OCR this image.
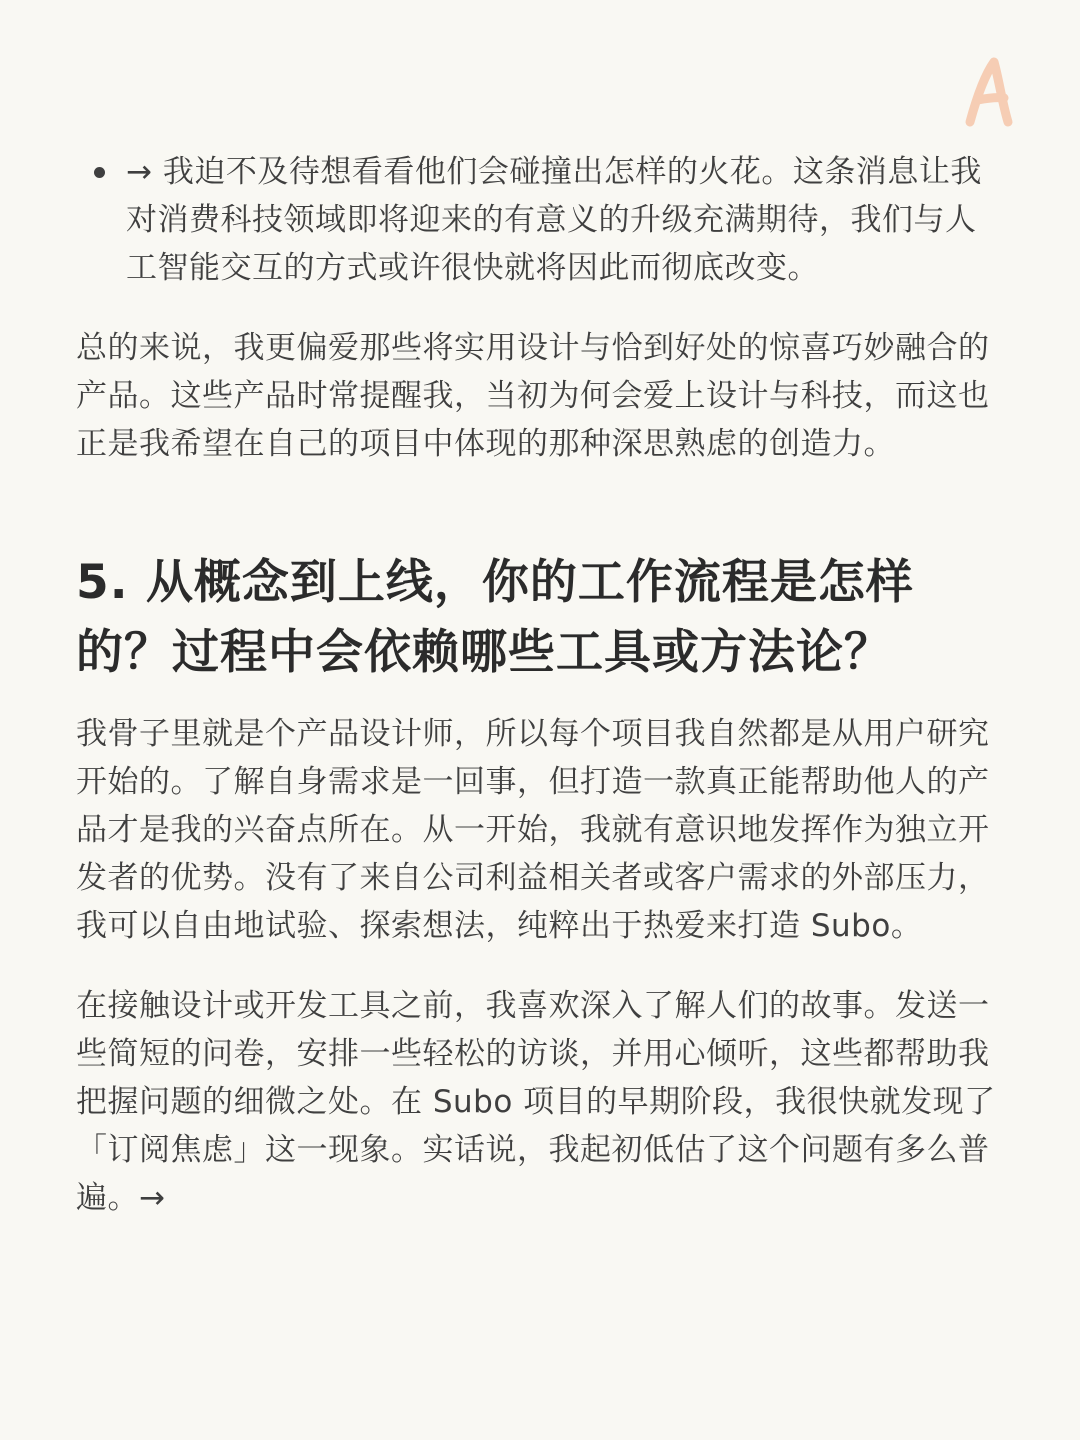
→ 我迫不及待想看看他们会碰撞出怎样的火花。这条消息让我对消费科技领域即将迎来的有意义的升级充满期待，我们与人工智能交互的方式或许很快就将因此而彻底改变。

总的来说，我更偏爱那些将实用设计与恰到好处的惊喜巧妙融合的产品。这些产品时常提醒我，当初为何会爱上设计与科技，而这也正是我希望在自己的项目中体现的那种深思熟虑的创造力。

5. 从概念到上线，你的工作流程是怎样的？过程中会依赖哪些工具或方法论？

我骨子里就是个产品设计师，所以每个项目我自然都是从用户研究开始的。了解自身需求是一回事，但打造一款真正能帮助他人的产品才是我的兴奋点所在。从一开始，我就有意识地发挥作为独立开发者的优势。没有了来自公司利益相关者或客户需求的外部压力，我可以自由地试验、探索想法，纯粹出于热爱来打造 Subo。

在接触设计或开发工具之前，我喜欢深入了解人们的故事。发送一些简短的问卷，安排一些轻松的访谈，并用心倾听，这些都帮助我把握问题的细微之处。在 Subo 项目的早期阶段，我很快就发现了「订阅焦虑」这一现象。实话说，我起初低估了这个问题有多么普遍。→
